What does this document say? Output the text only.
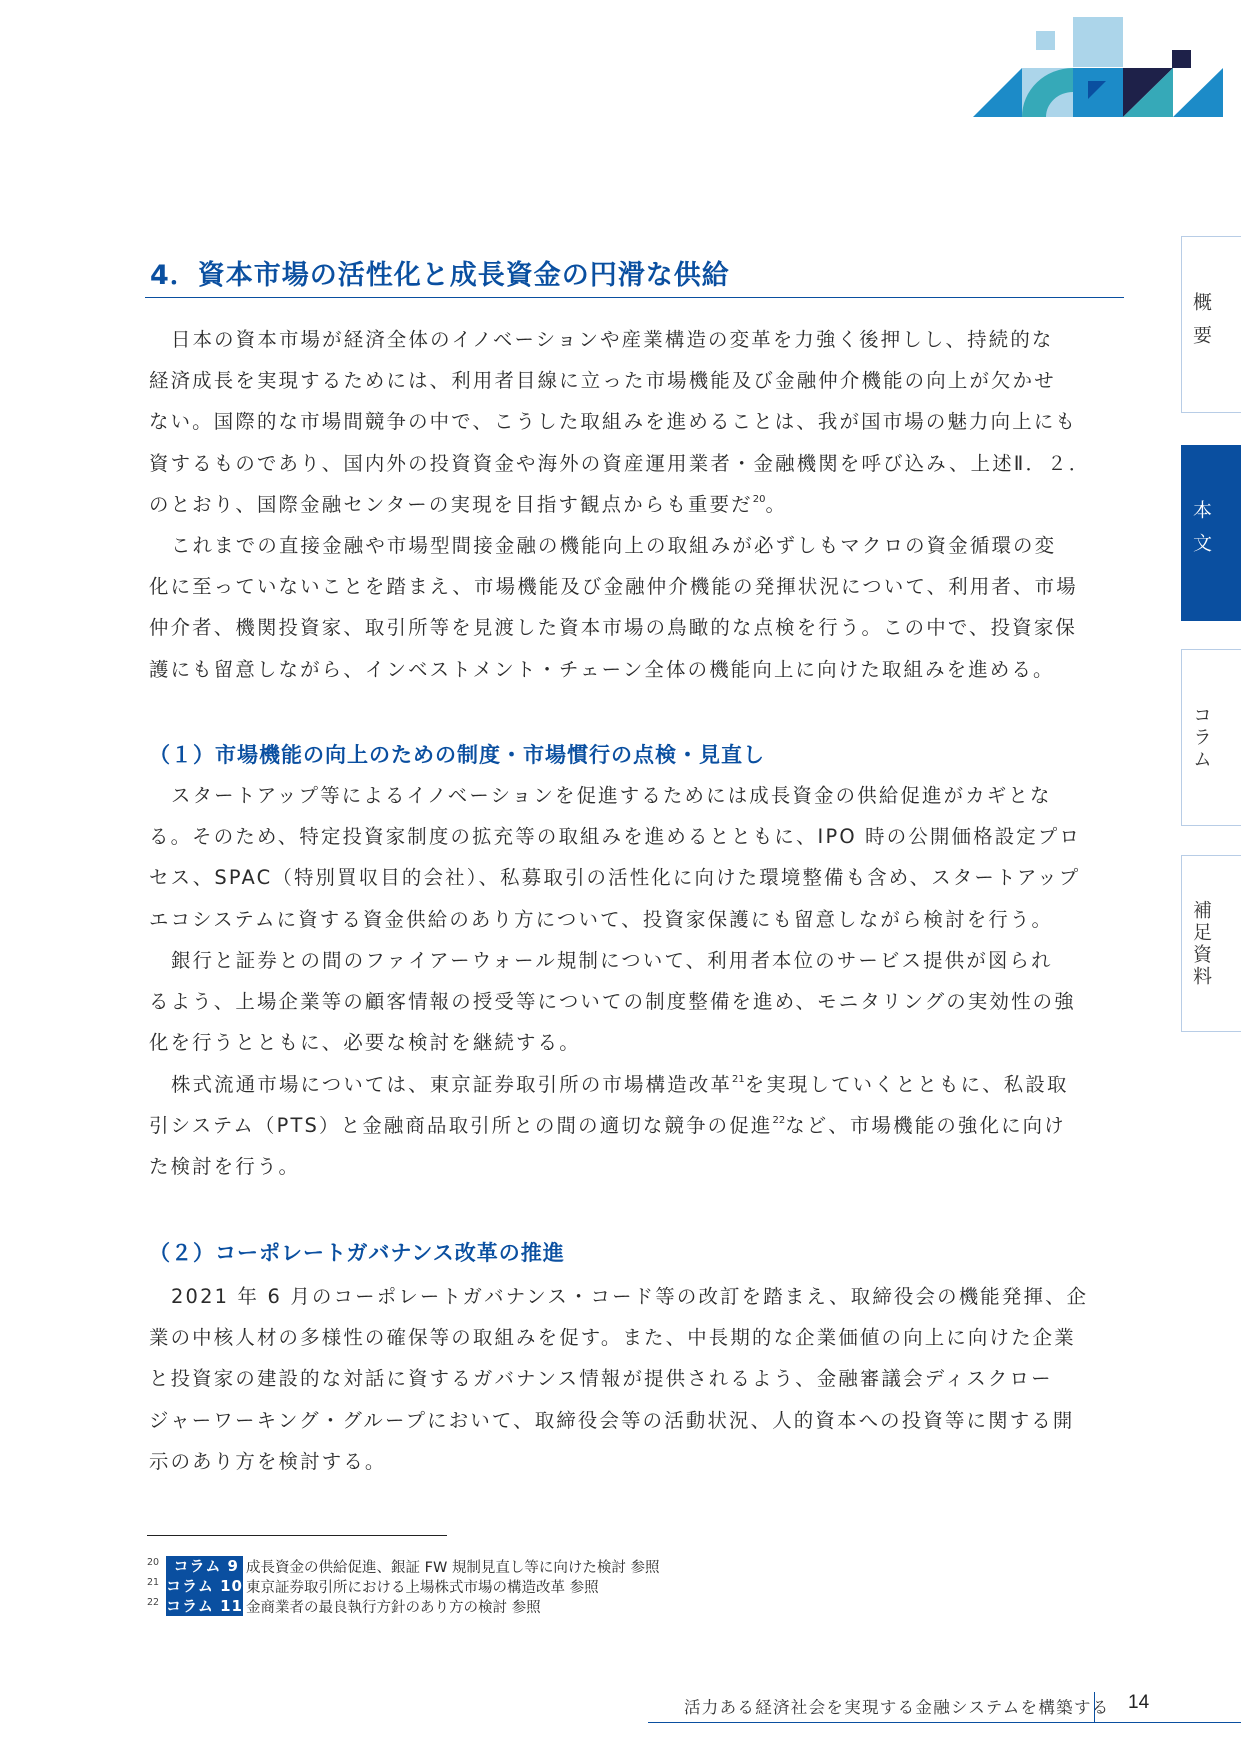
4．資本市場の活性化と成長資金の円滑な供給
日本の資本市場が経済全体のイノベーションや産業構造の変革を力強く後押しし、持続的な
経済成長を実現するためには、利用者目線に立った市場機能及び金融仲介機能の向上が欠かせ
ない。国際的な市場間競争の中で、こうした取組みを進めることは、我が国市場の魅力向上にも
資するものであり、国内外の投資資金や海外の資産運用業者・金融機関を呼び込み、上述Ⅱ．２．
のとおり、国際金融センターの実現を目指す観点からも重要だ$^{20}$。
これまでの直接金融や市場型間接金融の機能向上の取組みが必ずしもマクロの資金循環の変
化に至っていないことを踏まえ、市場機能及び金融仲介機能の発揮状況について、利用者、市場
仲介者、機関投資家、取引所等を見渡した資本市場の鳥瞰的な点検を行う。この中で、投資家保
護にも留意しながら、インベストメント・チェーン全体の機能向上に向けた取組みを進める。
（１）市場機能の向上のための制度・市場慣行の点検・見直し
スタートアップ等によるイノベーションを促進するためには成長資金の供給促進がカギとな
る。そのため、特定投資家制度の拡充等の取組みを進めるとともに、IPO 時の公開価格設定プロ
セス、SPAC（特別買収目的会社）、私募取引の活性化に向けた環境整備も含め、スタートアップ
エコシステムに資する資金供給のあり方について、投資家保護にも留意しながら検討を行う。
銀行と証券との間のファイアーウォール規制について、利用者本位のサービス提供が図られ
るよう、上場企業等の顧客情報の授受等についての制度整備を進め、モニタリングの実効性の強
化を行うとともに、必要な検討を継続する。
株式流通市場については、東京証券取引所の市場構造改革$^{21}$を実現していくとともに、私設取
引システム（PTS）と金融商品取引所との間の適切な競争の促進$^{22}$など、市場機能の強化に向け
た検討を行う。
（２）コーポレートガバナンス改革の推進
2021 年 6 月のコーポレートガバナンス・コード等の改訂を踏まえ、取締役会の機能発揮、企
業の中核人材の多様性の確保等の取組みを促す。また、中長期的な企業価値の向上に向けた企業
と投資家の建設的な対話に資するガバナンス情報が提供されるよう、金融審議会ディスクロー
ジャーワーキング・グループにおいて、取締役会等の活動状況、人的資本への投資等に関する開
示のあり方を検討する。
概要
本文
コラム
補足資料
20 コラム 9 成長資金の供給促進、銀証 FW 規制見直し等に向けた検討 参照
21 コラム 10 東京証券取引所における上場株式市場の構造改革 参照
22 コラム 11 金商業者の最良執行方針のあり方の検討 参照
活力ある経済社会を実現する金融システムを構築する 14
